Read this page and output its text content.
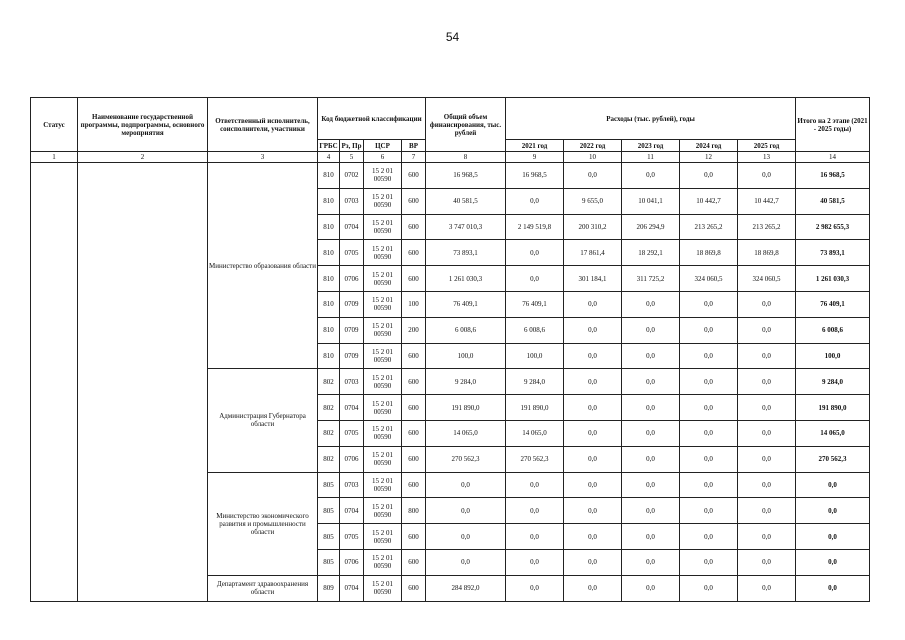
54
Статус	Наименование государственной программы, подпрограммы, основного мероприятия	Ответственный исполнитель, соисполнители, участники	Код бюджетной классификации				Общий объем финансирования, тыс. рублей	Расходы (тыс. рублей), годы					Итого на 2 этапе (2021 - 2025 годы)
			ГРБС	Рз, Пр	ЦСР	ВР		2021 год	2022 год	2023 год	2024 год	2025 год	
1	2	3	4	5	6	7	8	9	10	11	12	13	14
		Министерство образования области	810	0702	15 2 01 00590	600	16 968,5	16 968,5	0,0	0,0	0,0	0,0	16 968,5
			810	0703	15 2 01 00590	600	40 581,5	0,0	9 655,0	10 041,1	10 442,7	10 442,7	40 581,5
			810	0704	15 2 01 00590	600	3 747 010,3	2 149 519,8	200 310,2	206 294,9	213 265,2	213 265,2	2 982 655,3
			810	0705	15 2 01 00590	600	73 893,1	0,0	17 861,4	18 292,1	18 869,8	18 869,8	73 893,1
			810	0706	15 2 01 00590	600	1 261 030,3	0,0	301 184,1	311 725,2	324 060,5	324 060,5	1 261 030,3
			810	0709	15 2 01 00590	100	76 409,1	76 409,1	0,0	0,0	0,0	0,0	76 409,1
			810	0709	15 2 01 00590	200	6 008,6	6 008,6	0,0	0,0	0,0	0,0	6 008,6
			810	0709	15 2 01 00590	600	100,0	100,0	0,0	0,0	0,0	0,0	100,0
		Администрация Губернатора области	802	0703	15 2 01 00590	600	9 284,0	9 284,0	0,0	0,0	0,0	0,0	9 284,0
			802	0704	15 2 01 00590	600	191 890,0	191 890,0	0,0	0,0	0,0	0,0	191 890,0
			802	0705	15 2 01 00590	600	14 065,0	14 065,0	0,0	0,0	0,0	0,0	14 065,0
			802	0706	15 2 01 00590	600	270 562,3	270 562,3	0,0	0,0	0,0	0,0	270 562,3
		Министерство экономического развития и промышленности области	805	0703	15 2 01 00590	600	0,0	0,0	0,0	0,0	0,0	0,0	0,0
			805	0704	15 2 01 00590	800	0,0	0,0	0,0	0,0	0,0	0,0	0,0
			805	0705	15 2 01 00590	600	0,0	0,0	0,0	0,0	0,0	0,0	0,0
			805	0706	15 2 01 00590	600	0,0	0,0	0,0	0,0	0,0	0,0	0,0
		Департамент здравоохранения области	809	0704	15 2 01 00590	600	284 892,0	0,0	0,0	0,0	0,0	0,0	0,0
